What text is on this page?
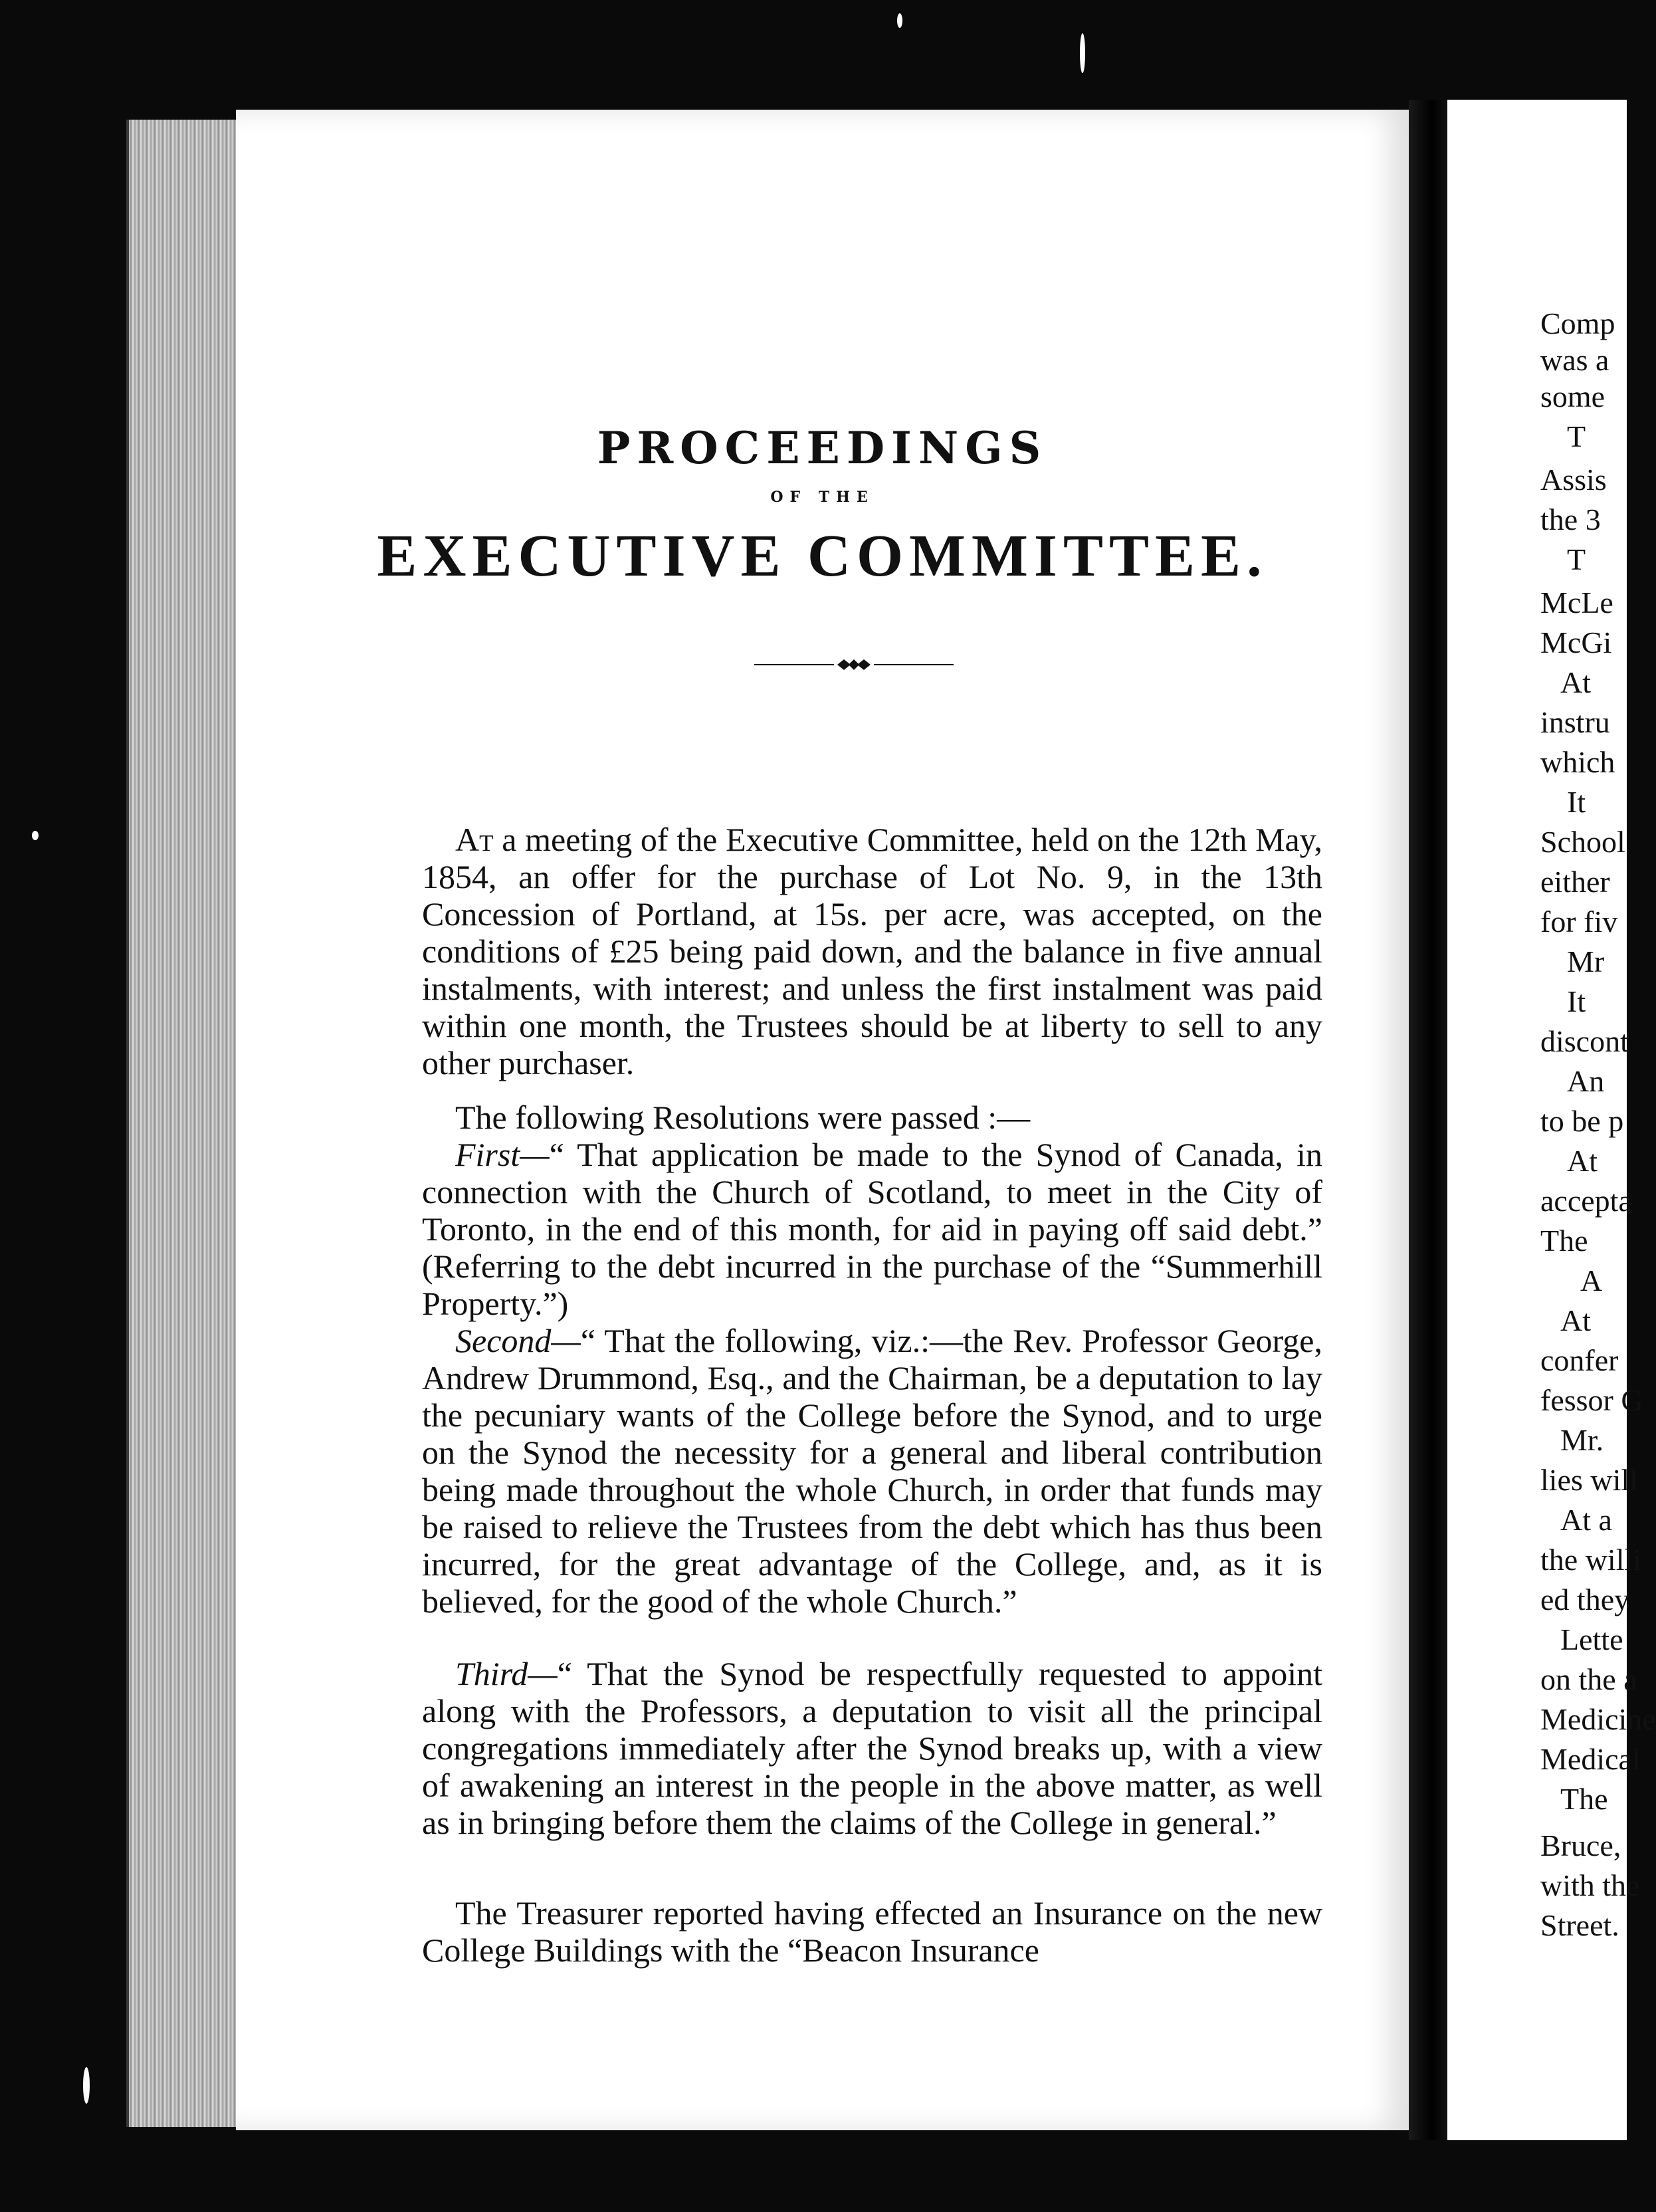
PROCEEDINGS
OF THE
EXECUTIVE COMMITTEE.

At a meeting of the Executive Committee, held on the 12th May, 1854, an offer for the purchase of Lot No. 9, in the 13th Concession of Portland, at 15s. per acre, was accepted, on the conditions of £25 being paid down, and the balance in five annual instalments, with interest; and unless the first instalment was paid within one month, the Trustees should be at liberty to sell to any other purchaser.

The following Resolutions were passed :—

First—“ That application be made to the Synod of Canada, in connection with the Church of Scotland, to meet in the City of Toronto, in the end of this month, for aid in paying off said debt.” (Referring to the debt incurred in the purchase of the “Summerhill Property.”)

Second—“ That the following, viz.:—the Rev. Professor George, Andrew Drummond, Esq., and the Chairman, be a deputation to lay the pecuniary wants of the College before the Synod, and to urge on the Synod the necessity for a general and liberal contribution being made throughout the whole Church, in order that funds may be raised to relieve the Trustees from the debt which has thus been incurred, for the great advantage of the College, and, as it is believed, for the good of the whole Church.”

Third—“ That the Synod be respectfully requested to appoint along with the Professors, a deputation to visit all the principal congregations immediately after the Synod breaks up, with a view of awakening an interest in the people in the above matter, as well as in bringing before them the claims of the College in general.”

The Treasurer reported having effected an Insurance on the new College Buildings with the “Beacon Insurance

Comp
was a
some
T
Assis
the 3
T
McLe
McGi
At
instru
which
It
School
either
for fiv
Mr
It
discont
An
to be p
At
accepta
The
A
At
confer
fessor G
Mr.
lies will
At a
the willi
ed they
Lette
on the a
Medicine
Medical
The
Bruce,
with the
Street.
